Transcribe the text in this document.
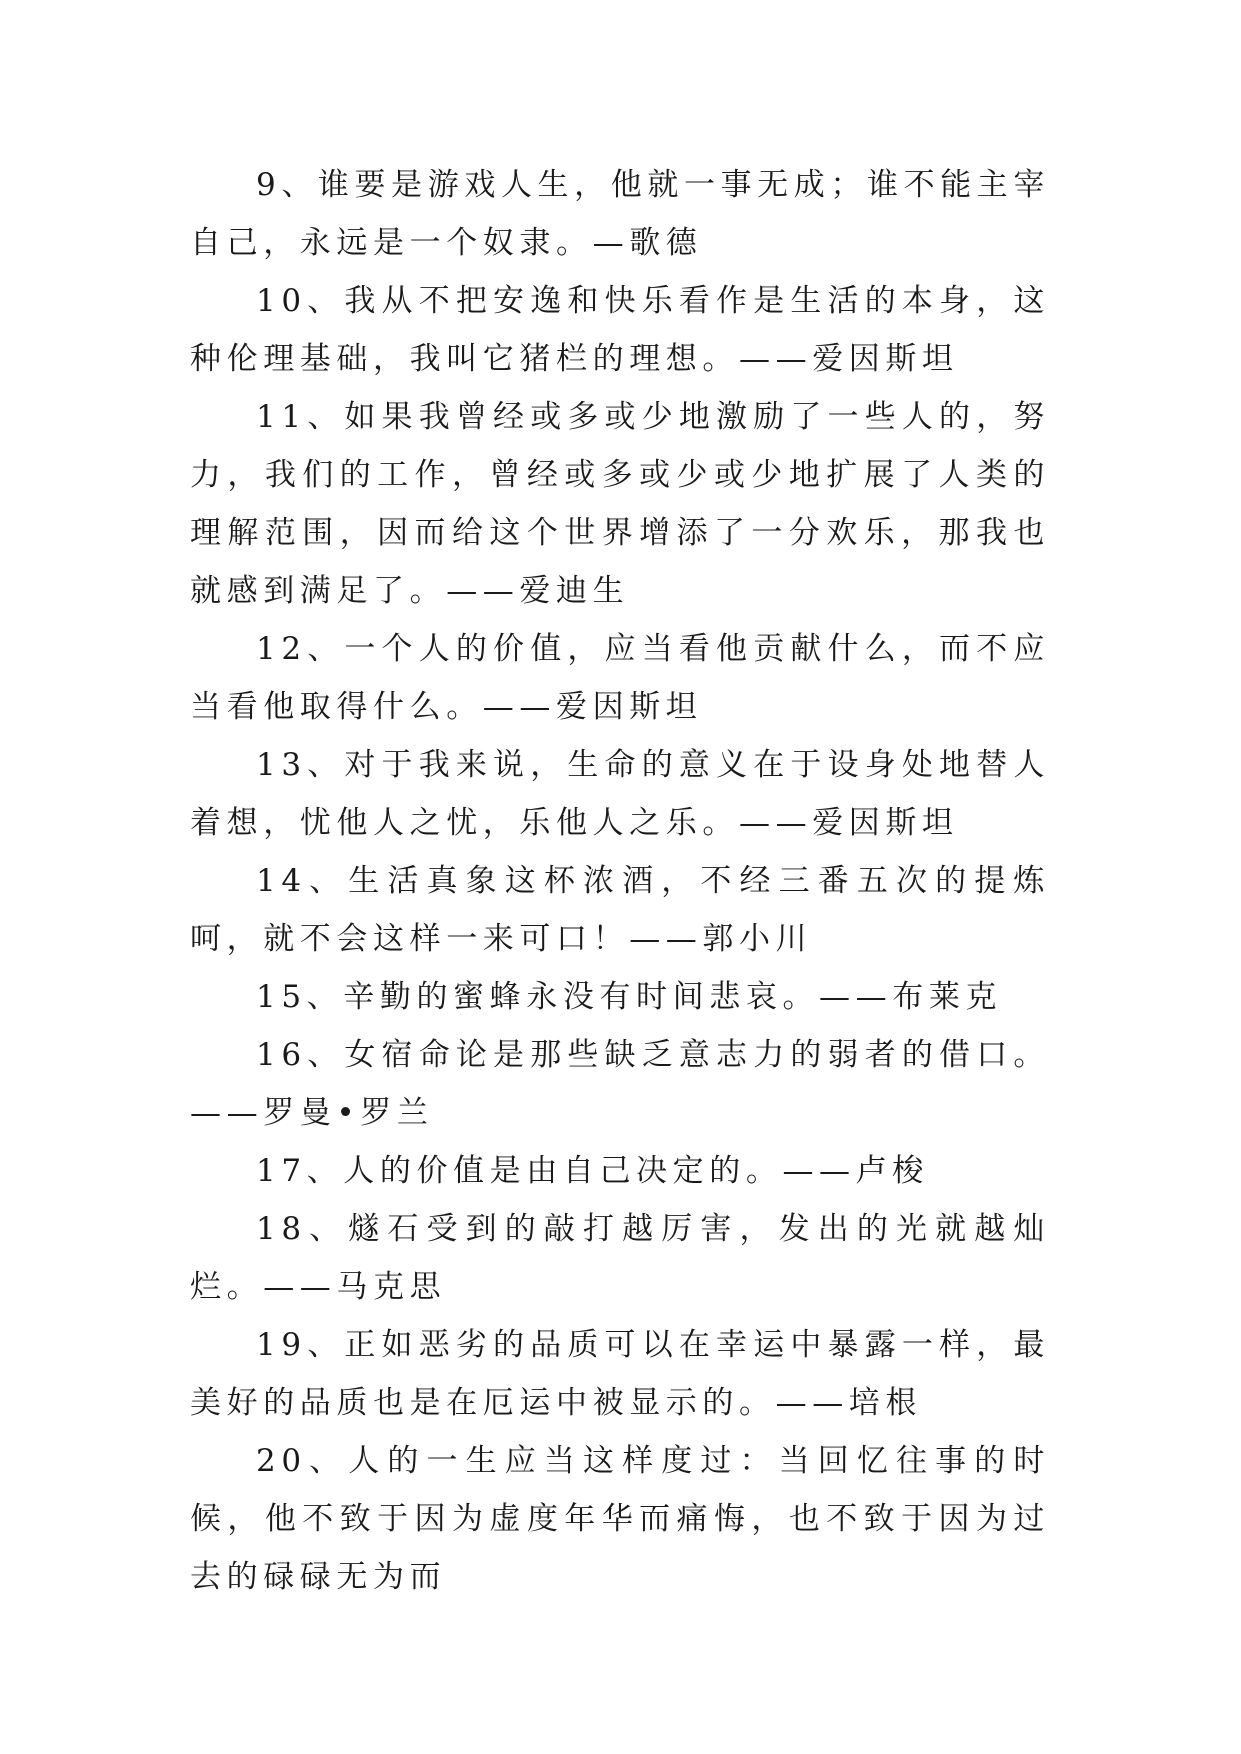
9、谁要是游戏人生，他就一事无成；谁不能主宰自己，永远是一个奴隶。—歌德

10、我从不把安逸和快乐看作是生活的本身，这种伦理基础，我叫它猪栏的理想。——爱因斯坦

11、如果我曾经或多或少地激励了一些人的，努力，我们的工作，曾经或多或少或少地扩展了人类的理解范围，因而给这个世界增添了一分欢乐，那我也就感到满足了。——爱迪生

12、一个人的价值，应当看他贡献什么，而不应当看他取得什么。——爱因斯坦

13、对于我来说，生命的意义在于设身处地替人着想，忧他人之忧，乐他人之乐。——爱因斯坦

14、生活真象这杯浓酒，不经三番五次的提炼呵，就不会这样一来可口！——郭小川

15、辛勤的蜜蜂永没有时间悲哀。——布莱克

16、女宿命论是那些缺乏意志力的弱者的借口。——罗曼•罗兰

17、人的价值是由自己决定的。——卢梭

18、燧石受到的敲打越厉害，发出的光就越灿烂。——马克思

19、正如恶劣的品质可以在幸运中暴露一样，最美好的品质也是在厄运中被显示的。——培根

20、人的一生应当这样度过：当回忆往事的时候，他不致于因为虚度年华而痛悔，也不致于因为过去的碌碌无为而
